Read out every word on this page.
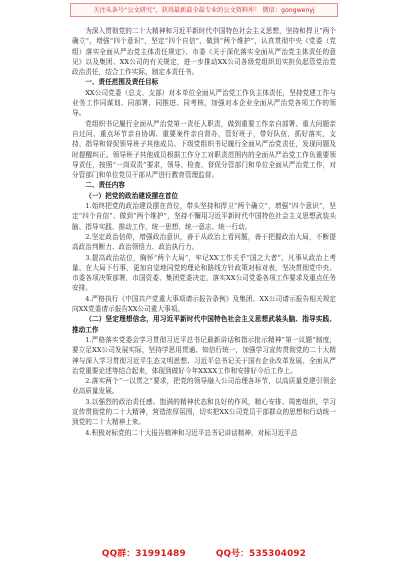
关注头条号“公文研究”，获得最新最全最专业的公文资料库！ 微信：gongwenyj

为深入贯彻党的二十大精神和习近平新时代中国特色社会主义思想，坚持和捍卫“两个确立”，增强“四个意识”，坚定“四个自信”，做到“两个维护”，认真贯彻中央《党委（党组）落实全面从严治党主体责任规定》、市委《关于深化落实全面从严治党主体责任的意见》以及集团、XX公司的有关规定，进一步推动XX公司各级党组织切实担负起管党治党政治责任，结合工作实际，制定本责任书。

一、责任范围及责任目标

XX公司党委（总支、支部）对本单位全面从严治党工作负主体责任，坚持党建工作与业务工作同谋划、同部署、同推进、同考核，加强对本企业全面从严治党各项工作的领导。

党组织书记履行全面从严治党第一责任人职责，做到重要工作亲自部署、重大问题亲自过问、重点环节亲自协调、重要案件亲自督办，管好班子，带好队伍，抓好落实，支持、指导和督促领导班子其他成员、下级党组织书记履行全面从严治党责任，发现问题及时提醒纠正。领导班子其他成员根据工作分工对职责范围内的全面从严治党工作负重要领导责任，按照“一岗双责”要求，领导、检查、督促分管部门和单位全面从严治党工作，对分管部门和单位党员干部从严进行教育管理监督。

二、责任内容

（一）把党的政治建设摆在首位

1.始终把党的政治建设摆在首位，带头坚持和捍卫“两个确立”，增强“四个意识”，坚定“四个自信”、做到“两个维护”，坚持不懈用习近平新时代中国特色社会主义思想武装头脑、指导实践、推动工作，统一思想、统一意志、统一行动。

2.坚定政治信仰，增强政治意识，善于从政治上看问题，善于把握政治大局，不断提高政治判断力、政治领悟力、政治执行力。

3.提高政治站位，胸怀“两个大局”，牢记XX工作关乎“国之大者”，凡事从政治上考量、在大局下行事，更加自觉地同党的理论和路线方针政策对标对表，坚决贯彻党中央、市委各项决策部署，市国资委、集团党委决定，落实XX公司党委各项工作要求及重点任务安排。

4.严格执行《中国共产党重大事项请示报告条例》及集团、XX公司请示报告相关规定向XX党委请示报告XX公司重大事项。

（二）坚定理想信念，用习近平新时代中国特色社会主义思想武装头脑、指导实践、推动工作

1.严格落实党委会学习贯彻习近平总书记最新讲话和指示批示精神“第一议题”制度，要立足XX公司发展实际，坚持学思用贯通、知信行统一，加强学习宣传贯彻党的二十大精神与深入学习贯彻习近平生态文明思想、习近平总书记关于国有企业改革发展、全面从严治党重要论述等结合起来，体现到做好今年XXXX工作和安排好今后工作上。

2.落实两个“一以贯之”要求，把党的领导融入公司治理各环节，以高质量党建引领企业高质量发展。

3.以强烈的政治责任感、饱满的精神状态和良好的作风，精心安排、周密组织，学习宣传贯彻党的二十大精神，营造浓厚氛围，切实把XX公司党员干部群众的思想和行动统一到党的二十大精神上来。

4.积极对标党的二十大报告精神和习近平总书记讲话精神，对标习近平总

QQ群：31991489	QQ号：535304092
